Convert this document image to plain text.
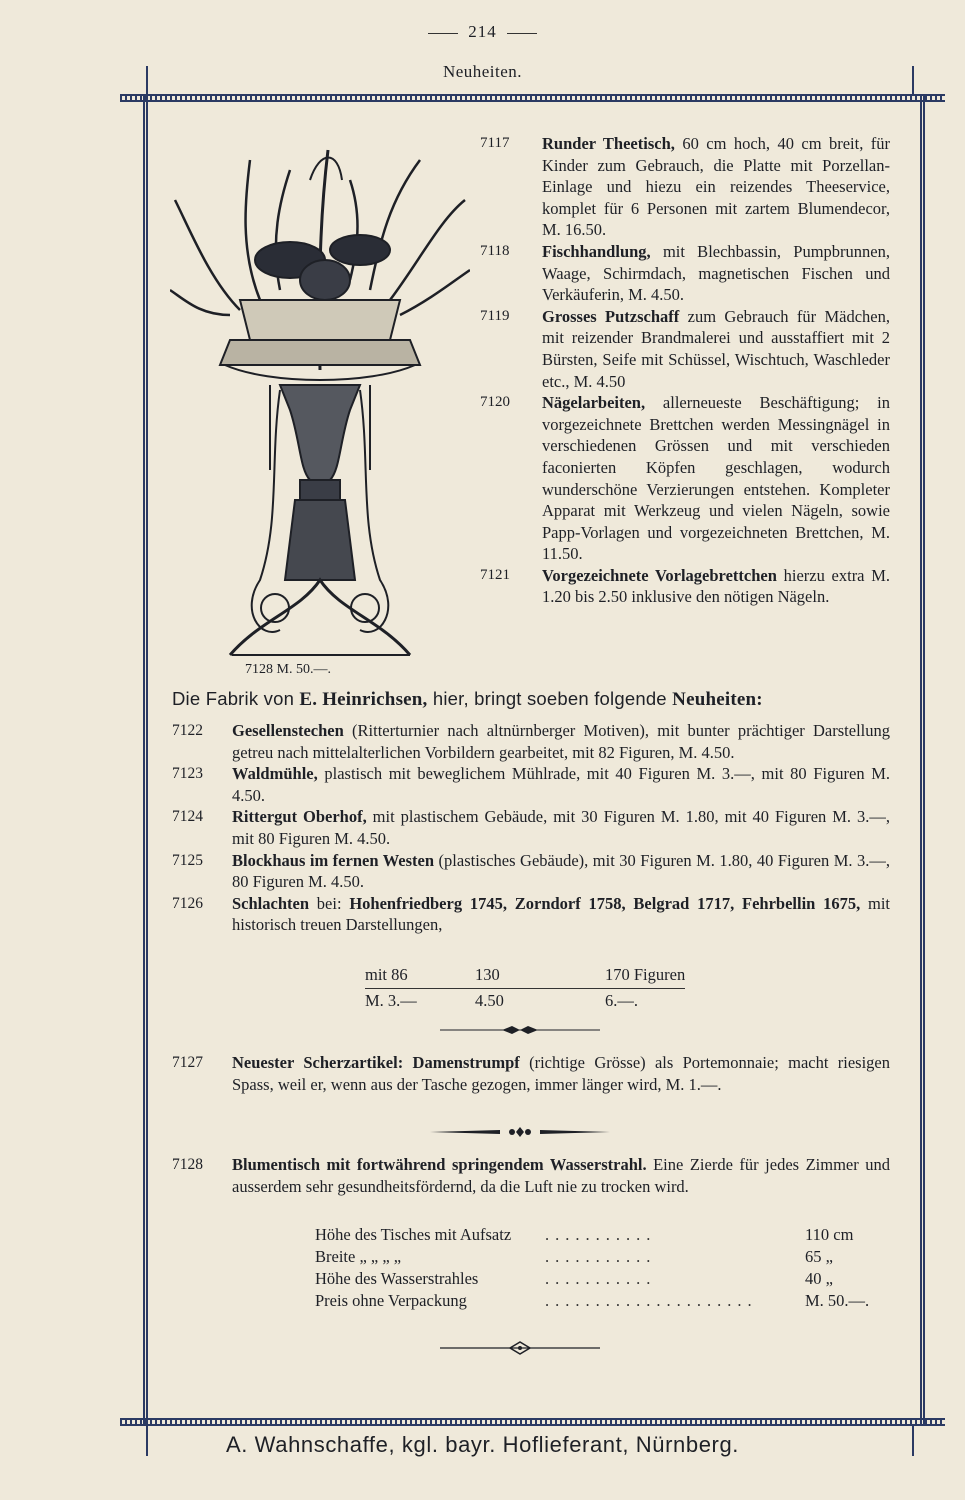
214
Neuheiten.
7128 M. 50.—.

7117 Runder Theetisch, 60 cm hoch, 40 cm breit, für Kinder zum Gebrauch, die Platte mit Porzellan-Einlage und hiezu ein reizendes Theeservice, komplet für 6 Personen mit zartem Blumendecor, M. 16.50.

7118 Fischhandlung, mit Blechbassin, Pumpbrunnen, Waage, Schirmdach, magnetischen Fischen und Verkäuferin, M. 4.50.

7119 Grosses Putzschaff zum Gebrauch für Mädchen, mit reizender Brandmalerei und ausstaffiert mit 2 Bürsten, Seife mit Schüssel, Wischtuch, Waschleder etc., M. 4.50

7120 Nägelarbeiten, allerneueste Beschäftigung; in vorgezeichnete Brettchen werden Messingnägel in verschiedenen Grössen und mit verschieden faconierten Köpfen geschlagen, wodurch wunderschöne Verzierungen entstehen. Kompleter Apparat mit Werkzeug und vielen Nägeln, sowie Papp-Vorlagen und vorgezeichneten Brettchen, M. 11.50.

7121 Vorgezeichnete Vorlagebrettchen hierzu extra M. 1.20 bis 2.50 inklusive den nötigen Nägeln.

Die Fabrik von E. Heinrichsen, hier, bringt soeben folgende Neuheiten:

7122 Gesellenstechen (Ritterturnier nach altnürnberger Motiven), mit bunter prächtiger Darstellung getreu nach mittelalterlichen Vorbildern gearbeitet, mit 82 Figuren, M. 4.50.

7123 Waldmühle, plastisch mit beweglichem Mühlrade, mit 40 Figuren M. 3.—, mit 80 Figuren M. 4.50.

7124 Rittergut Oberhof, mit plastischem Gebäude, mit 30 Figuren M. 1.80, mit 40 Figuren M. 3.—, mit 80 Figuren M. 4.50.

7125 Blockhaus im fernen Westen (plastisches Gebäude), mit 30 Figuren M. 1.80, 40 Figuren M. 3.—, 80 Figuren M. 4.50.

7126 Schlachten bei: Hohenfriedberg 1745, Zorndorf 1758, Belgrad 1717, Fehrbellin 1675, mit historisch treuen Darstellungen,

mit 86	130	170 Figuren
M. 3.—	4.50	6.—.

7127 Neuester Scherzartikel: Damenstrumpf (richtige Grösse) als Portemonnaie; macht riesigen Spass, weil er, wenn aus der Tasche gezogen, immer länger wird, M. 1.—.

7128 Blumentisch mit fortwährend springendem Wasserstrahl. Eine Zierde für jedes Zimmer und ausserdem sehr gesundheitsfördernd, da die Luft nie zu trocken wird.

Höhe des Tisches mit Aufsatz	...........	110 cm
Breite „ „ „ „	...........	65 „
Höhe des Wasserstrahles	...........	40 „
Preis ohne Verpackung	.....................	M. 50.—.
A. Wahnschaffe, kgl. bayr. Hoflieferant, Nürnberg.
